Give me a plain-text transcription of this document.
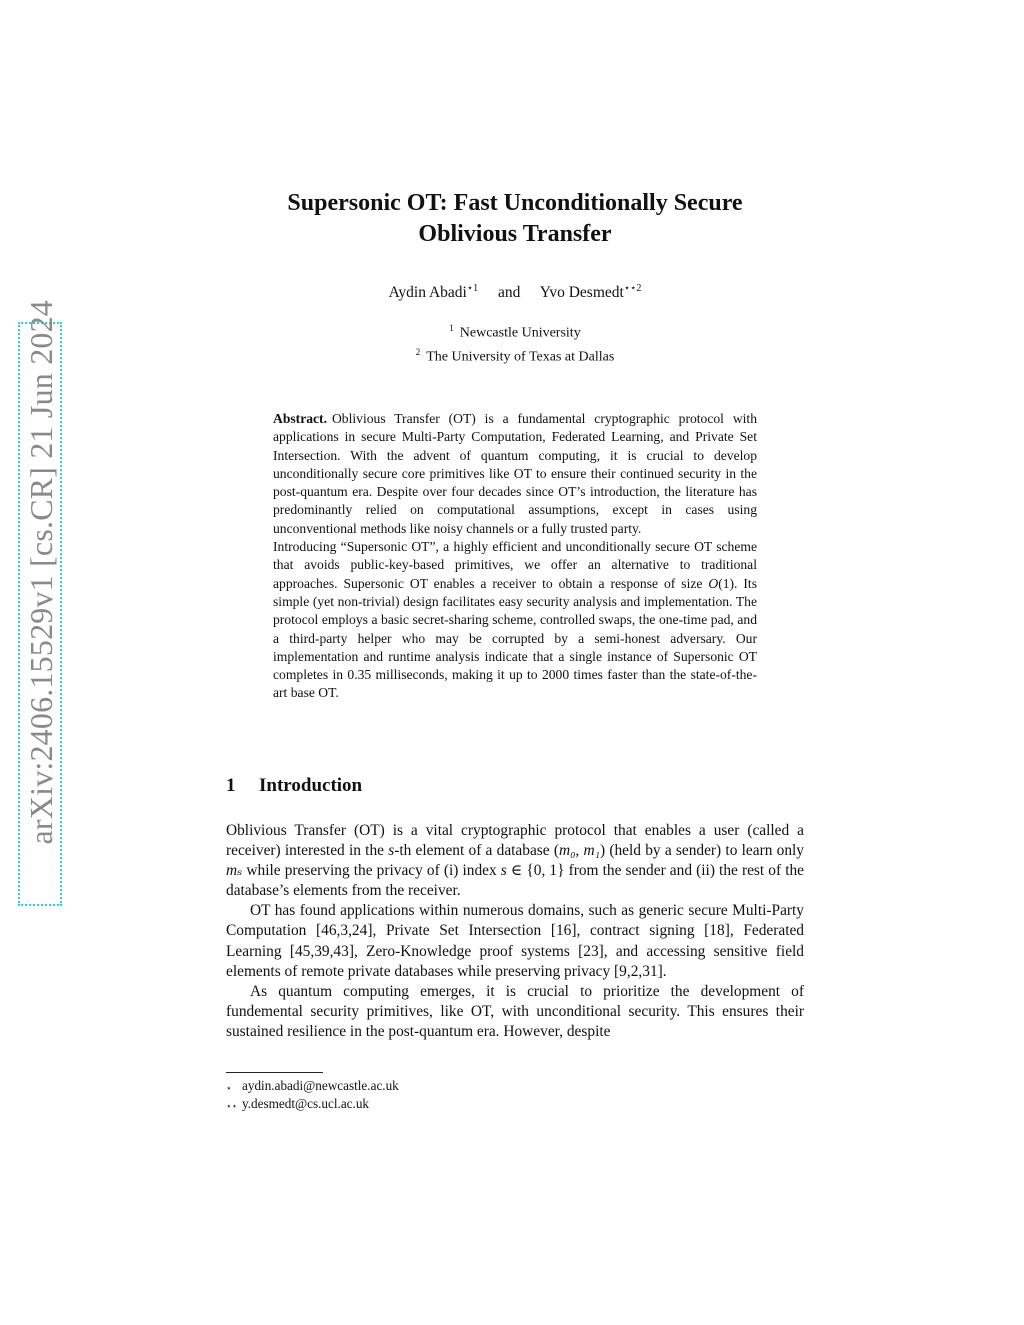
arXiv:2406.15529v1 [cs.CR] 21 Jun 2024
Supersonic OT: Fast Unconditionally Secure
Oblivious Transfer
Aydin Abadi$^{⋆1}$ and Yvo Desmedt$^{⋆⋆2}$
$^1$ Newcastle University
$^2$ The University of Texas at Dallas

Abstract. Oblivious Transfer (OT) is a fundamental cryptographic protocol with applications in secure Multi-Party Computation, Federated Learning, and Private Set Intersection. With the advent of quantum computing, it is crucial to develop unconditionally secure core primitives like OT to ensure their continued security in the post-quantum era. Despite over four decades since OT’s introduction, the literature has predominantly relied on computational assumptions, except in cases using unconventional methods like noisy channels or a fully trusted party.

Introducing “Supersonic OT”, a highly efficient and unconditionally secure OT scheme that avoids public-key-based primitives, we offer an alternative to traditional approaches. Supersonic OT enables a receiver to obtain a response of size O(1). Its simple (yet non-trivial) design facilitates easy security analysis and implementation. The protocol employs a basic secret-sharing scheme, controlled swaps, the one-time pad, and a third-party helper who may be corrupted by a semi-honest adversary. Our implementation and runtime analysis indicate that a single instance of Supersonic OT completes in 0.35 milliseconds, making it up to 2000 times faster than the state-of-the-art base OT.

1 Introduction

Oblivious Transfer (OT) is a vital cryptographic protocol that enables a user (called a receiver) interested in the s-th element of a database (m₀, m₁) (held by a sender) to learn only mₛ while preserving the privacy of (i) index s ∈ {0, 1} from the sender and (ii) the rest of the database’s elements from the receiver.

OT has found applications within numerous domains, such as generic secure Multi-Party Computation [46,3,24], Private Set Intersection [16], contract signing [18], Federated Learning [45,39,43], Zero-Knowledge proof systems [23], and accessing sensitive field elements of remote private databases while preserving privacy [9,2,31].

As quantum computing emerges, it is crucial to prioritize the development of fundemental security primitives, like OT, with unconditional security. This ensures their sustained resilience in the post-quantum era. However, despite

⋆ aydin.abadi@newcastle.ac.uk
⋆⋆ y.desmedt@cs.ucl.ac.uk
